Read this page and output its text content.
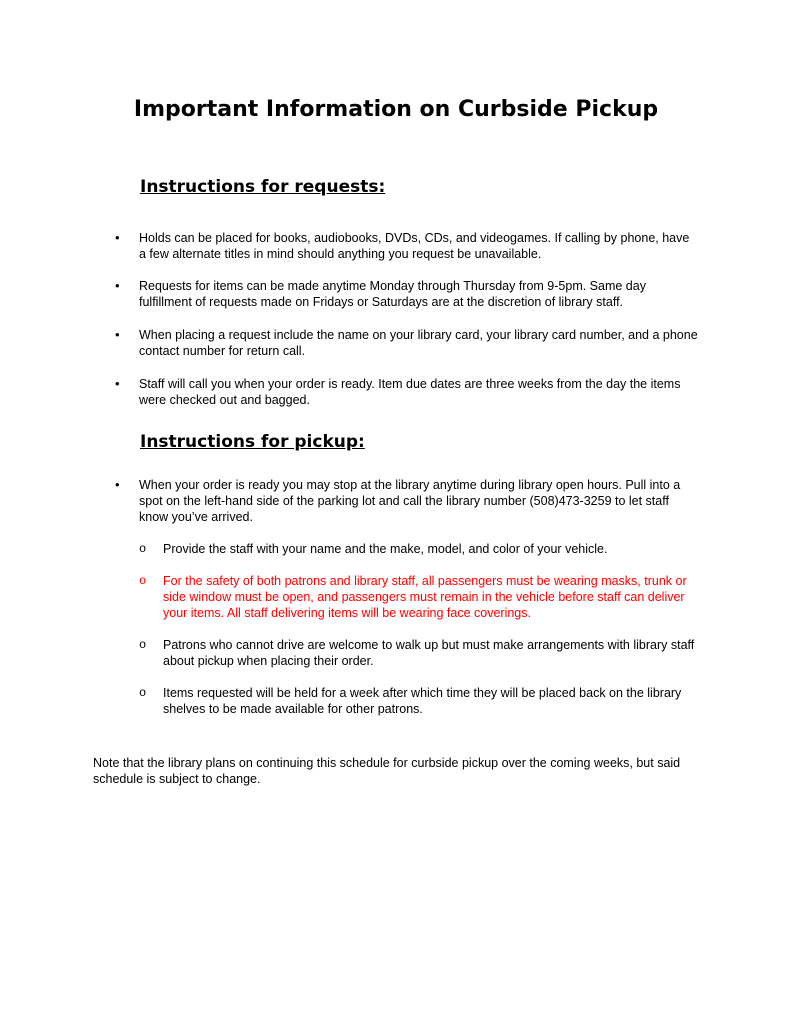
Important Information on Curbside Pickup
Instructions for requests:
• Holds can be placed for books, audiobooks, DVDs, CDs, and videogames. If calling by phone, have a few alternate titles in mind should anything you request be unavailable.
• Requests for items can be made anytime Monday through Thursday from 9-5pm. Same day fulfillment of requests made on Fridays or Saturdays are at the discretion of library staff.
• When placing a request include the name on your library card, your library card number, and a phone contact number for return call.
• Staff will call you when your order is ready. Item due dates are three weeks from the day the items were checked out and bagged.
Instructions for pickup:
• When your order is ready you may stop at the library anytime during library open hours. Pull into a spot on the left-hand side of the parking lot and call the library number (508)473-3259 to let staff know you’ve arrived.
o Provide the staff with your name and the make, model, and color of your vehicle.
o For the safety of both patrons and library staff, all passengers must be wearing masks, trunk or side window must be open, and passengers must remain in the vehicle before staff can deliver your items. All staff delivering items will be wearing face coverings.
o Patrons who cannot drive are welcome to walk up but must make arrangements with library staff about pickup when placing their order.
o Items requested will be held for a week after which time they will be placed back on the library shelves to be made available for other patrons.

Note that the library plans on continuing this schedule for curbside pickup over the coming weeks, but said schedule is subject to change.
